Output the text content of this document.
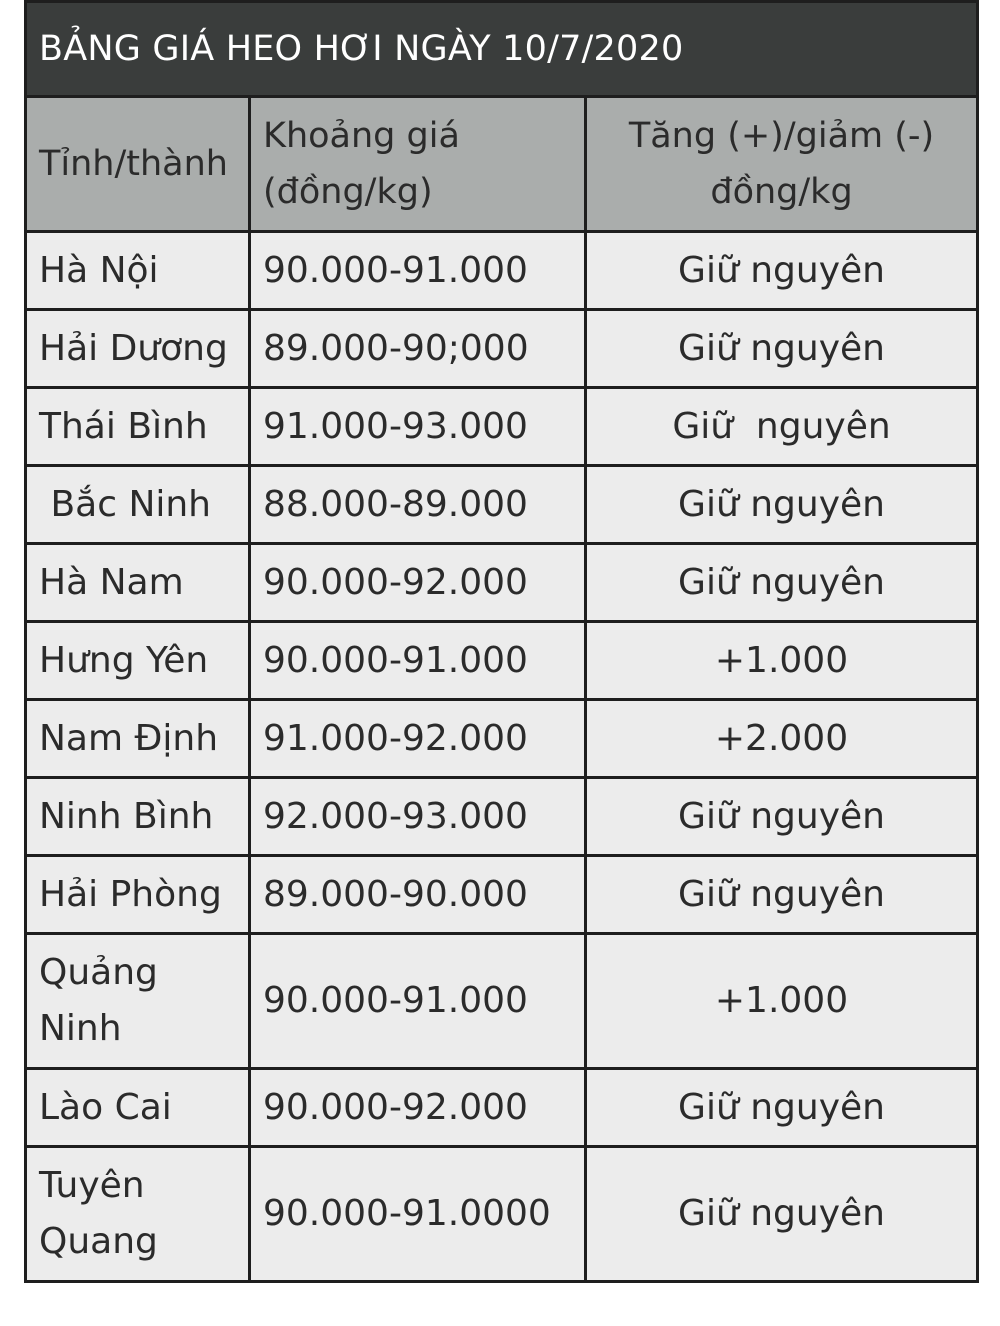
BẢNG GIÁ HEO HƠI NGÀY 10/7/2020		
Tỉnh/thành	Khoảng giá (đồng/kg)	Tăng (+)/giảm (-) đồng/kg
Hà Nội	90.000-91.000	Giữ nguyên
Hải Dương	89.000-90;000	Giữ nguyên
Thái Bình	91.000-93.000	Giữ  nguyên
Bắc Ninh	88.000-89.000	Giữ nguyên
Hà Nam	90.000-92.000	Giữ nguyên
Hưng Yên	90.000-91.000	+1.000
Nam Định	91.000-92.000	+2.000
Ninh Bình	92.000-93.000	Giữ nguyên
Hải Phòng	89.000-90.000	Giữ nguyên
Quảng Ninh	90.000-91.000	+1.000
Lào Cai	90.000-92.000	Giữ nguyên
Tuyên Quang	90.000-91.0000	Giữ nguyên
